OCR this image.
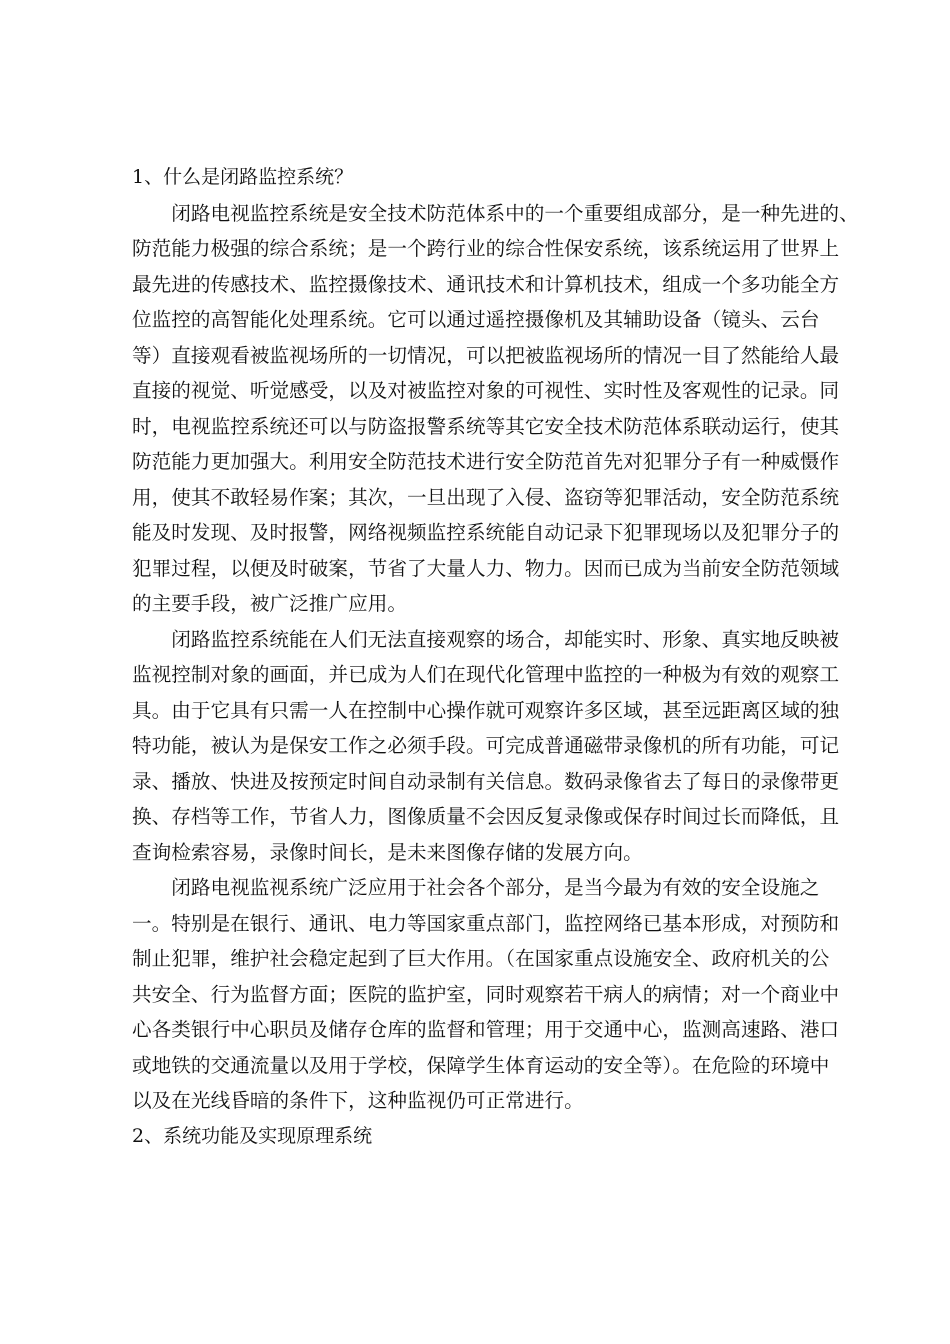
1、什么是闭路监控系统？

闭路电视监控系统是安全技术防范体系中的一个重要组成部分，是一种先进的、
防范能力极强的综合系统；是一个跨行业的综合性保安系统，该系统运用了世界上
最先进的传感技术、监控摄像技术、通讯技术和计算机技术，组成一个多功能全方
位监控的高智能化处理系统。它可以通过遥控摄像机及其辅助设备（镜头、云台
等）直接观看被监视场所的一切情况，可以把被监视场所的情况一目了然能给人最
直接的视觉、听觉感受，以及对被监控对象的可视性、实时性及客观性的记录。同
时，电视监控系统还可以与防盗报警系统等其它安全技术防范体系联动运行，使其
防范能力更加强大。利用安全防范技术进行安全防范首先对犯罪分子有一种威慑作
用，使其不敢轻易作案；其次，一旦出现了入侵、盗窃等犯罪活动，安全防范系统
能及时发现、及时报警，网络视频监控系统能自动记录下犯罪现场以及犯罪分子的
犯罪过程，以便及时破案，节省了大量人力、物力。因而已成为当前安全防范领域
的主要手段，被广泛推广应用。
闭路监控系统能在人们无法直接观察的场合，却能实时、形象、真实地反映被
监视控制对象的画面，并已成为人们在现代化管理中监控的一种极为有效的观察工
具。由于它具有只需一人在控制中心操作就可观察许多区域，甚至远距离区域的独
特功能，被认为是保安工作之必须手段。可完成普通磁带录像机的所有功能，可记
录、播放、快进及按预定时间自动录制有关信息。数码录像省去了每日的录像带更
换、存档等工作，节省人力，图像质量不会因反复录像或保存时间过长而降低，且
查询检索容易，录像时间长，是未来图像存储的发展方向。
闭路电视监视系统广泛应用于社会各个部分，是当今最为有效的安全设施之
一。特别是在银行、通讯、电力等国家重点部门，监控网络已基本形成，对预防和
制止犯罪，维护社会稳定起到了巨大作用。（在国家重点设施安全、政府机关的公
共安全、行为监督方面；医院的监护室，同时观察若干病人的病情；对一个商业中
心各类银行中心职员及储存仓库的监督和管理；用于交通中心，监测高速路、港口
或地铁的交通流量以及用于学校，保障学生体育运动的安全等）。在危险的环境中
以及在光线昏暗的条件下，这种监视仍可正常进行。

2、系统功能及实现原理系统
